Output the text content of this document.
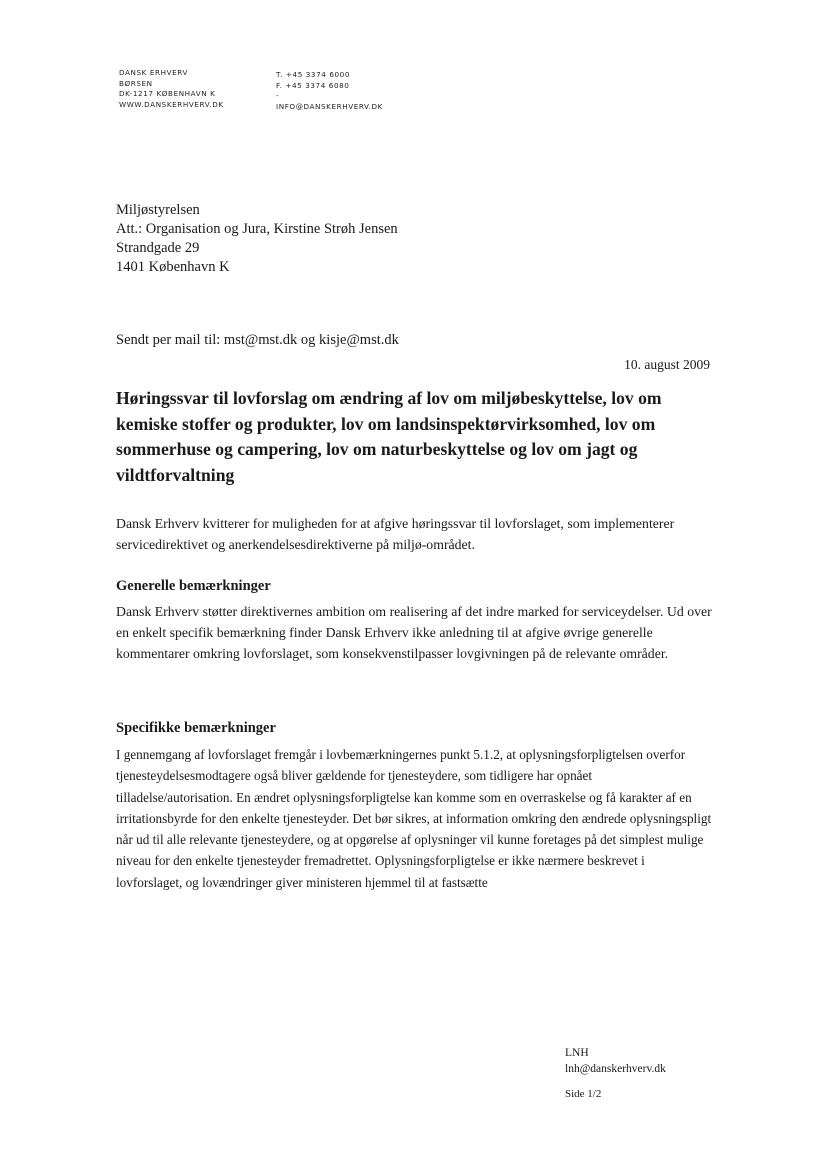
DANSK ERHVERV
BØRSEN
DK-1217 KØBENHAVN K
WWW.DANSKERHVERV.DK
T. +45 3374 6000
F. +45 3374 6080
-
INFO@DANSKERHVERV.DK
Miljøstyrelsen
Att.: Organisation og Jura, Kirstine Strøh Jensen
Strandgade 29
1401 København K
Sendt per mail til: mst@mst.dk og kisje@mst.dk
10. august 2009
Høringssvar til lovforslag om ændring af lov om miljøbeskyttelse, lov om kemiske stoffer og produkter, lov om landsinspektørvirksomhed, lov om sommerhuse og campering, lov om naturbeskyttelse og lov om jagt og vildtforvaltning
Dansk Erhverv kvitterer for muligheden for at afgive høringssvar til lovforslaget, som implementerer servicedirektivet og anerkendelsesdirektiverne på miljø-området.
Generelle bemærkninger
Dansk Erhverv støtter direktivernes ambition om realisering af det indre marked for serviceydelser. Ud over en enkelt specifik bemærkning finder Dansk Erhverv ikke anledning til at afgive øvrige generelle kommentarer omkring lovforslaget, som konsekvenstilpasser lovgivningen på de relevante områder.
Specifikke bemærkninger
I gennemgang af lovforslaget fremgår i lovbemærkningernes punkt 5.1.2, at oplysningsforpligtelsen overfor tjenesteydelsesmodtagere også bliver gældende for tjenesteydere, som tidligere har opnået tilladelse/autorisation. En ændret oplysningsforpligtelse kan komme som en overraskelse og få karakter af en irritationsbyrde for den enkelte tjenesteyder. Det bør sikres, at information omkring den ændrede oplysningspligt når ud til alle relevante tjenesteydere, og at opgørelse af oplysninger vil kunne foretages på det simplest mulige niveau for den enkelte tjenesteyder fremadrettet. Oplysningsforpligtelse er ikke nærmere beskrevet i lovforslaget, og lovændringer giver ministeren hjemmel til at fastsætte
LNH
lnh@danskerhverv.dk
Side 1/2
